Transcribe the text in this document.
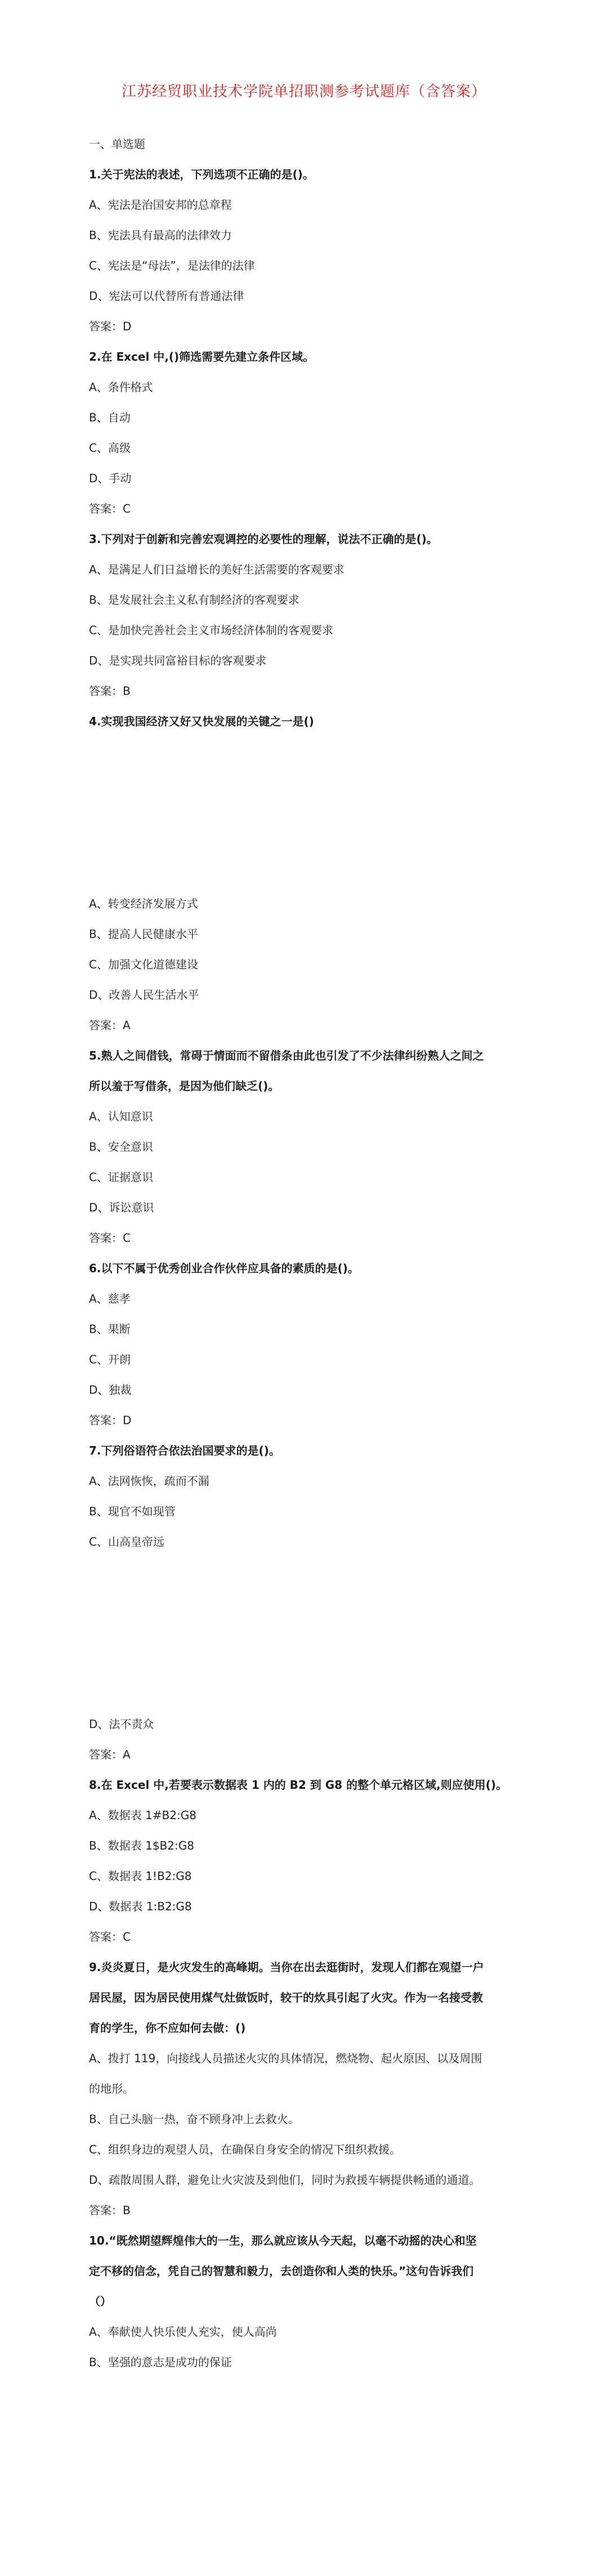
江苏经贸职业技术学院单招职测参考试题库（含答案）
一、单选题
1.关于宪法的表述，下列选项不正确的是()。
A、宪法是治国安邦的总章程
B、宪法具有最高的法律效力
C、宪法是“母法”，是法律的法律
D、宪法可以代替所有普通法律
答案：D
2.在 Excel 中,()筛选需要先建立条件区域。
A、条件格式
B、自动
C、高级
D、手动
答案：C
3.下列对于创新和完善宏观调控的必要性的理解，说法不正确的是()。
A、是满足人们日益增长的美好生活需要的客观要求
B、是发展社会主义私有制经济的客观要求
C、是加快完善社会主义市场经济体制的客观要求
D、是实现共同富裕目标的客观要求
答案：B
4.实现我国经济又好又快发展的关键之一是()
A、转变经济发展方式
B、提高人民健康水平
C、加强文化道德建设
D、改善人民生活水平
答案：A
5.熟人之间借钱，常碍于情面而不留借条由此也引发了不少法律纠纷熟人之间之
所以羞于写借条，是因为他们缺乏()。
A、认知意识
B、安全意识
C、证据意识
D、诉讼意识
答案：C
6.以下不属于优秀创业合作伙伴应具备的素质的是()。
A、慈孝
B、果断
C、开朗
D、独裁
答案：D
7.下列俗语符合依法治国要求的是()。
A、法网恢恢，疏而不漏
B、现官不如现管
C、山高皇帝远
D、法不责众
答案：A
8.在 Excel 中,若要表示数据表 1 内的 B2 到 G8 的整个单元格区域,则应使用()。
A、数据表 1#B2:G8
B、数据表 1$B2:G8
C、数据表 1!B2:G8
D、数据表 1:B2:G8
答案：C
9.炎炎夏日，是火灾发生的高峰期。当你在出去逛街时，发现人们都在观望一户
居民屋，因为居民使用煤气灶做饭时，较干的炊具引起了火灾。作为一名接受教
育的学生，你不应如何去做：()
A、拨打 119，向接线人员描述火灾的具体情况，燃烧物、起火原因、以及周围
的地形。
B、自己头脑一热，奋不顾身冲上去救火。
C、组织身边的观望人员，在确保自身安全的情况下组织救援。
D、疏散周围人群，避免让火灾波及到他们，同时为救援车辆提供畅通的通道。
答案：B
10.“既然期望辉煌伟大的一生，那么就应该从今天起，以毫不动摇的决心和坚
定不移的信念，凭自己的智慧和毅力，去创造你和人类的快乐。”这句告诉我们
（）
A、奉献使人快乐使人充实，使人高尚
B、坚强的意志是成功的保证
